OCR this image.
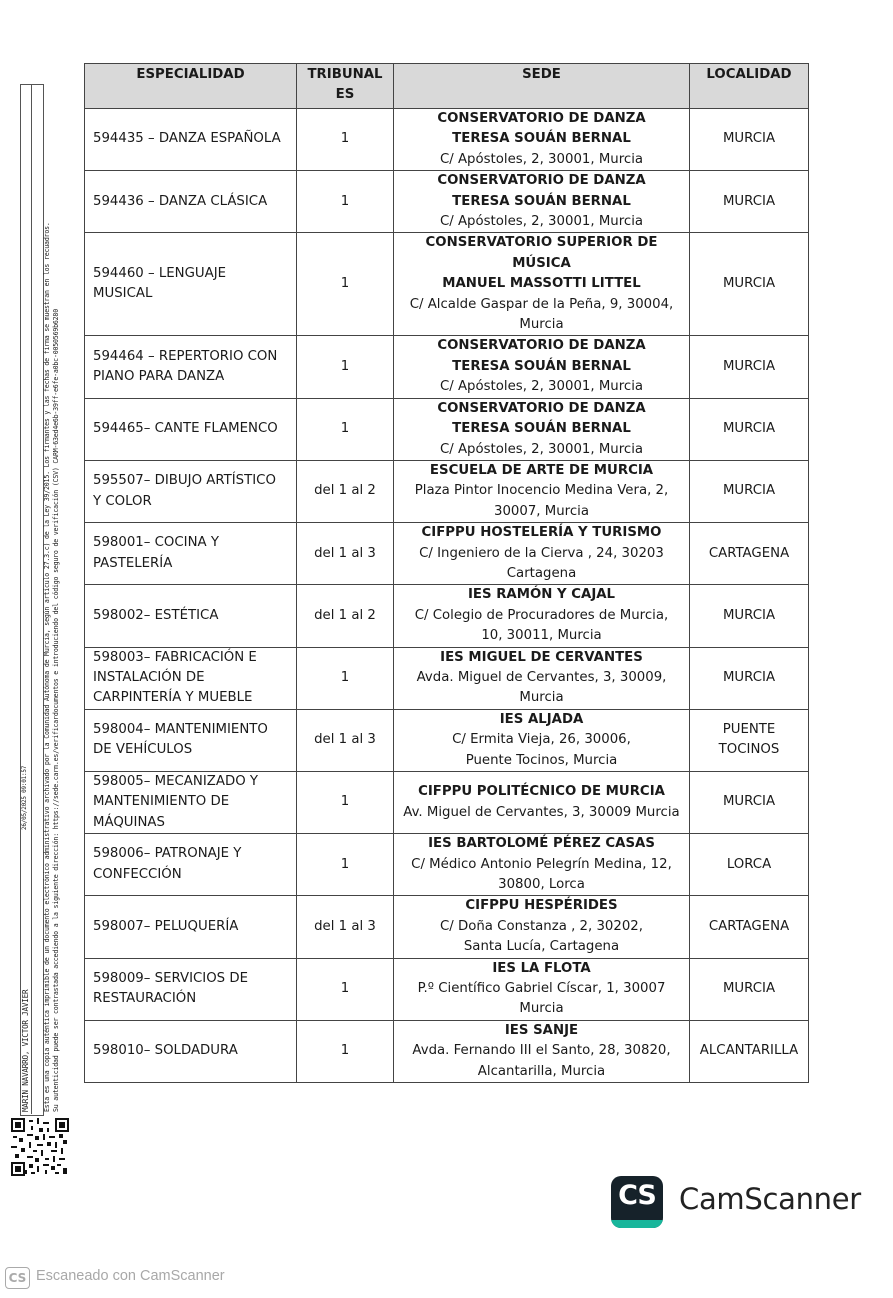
ESPECIALIDAD	TRIBUNAL
ES	SEDE	LOCALIDAD
594435 – DANZA ESPAÑOLA	1	CONSERVATORIO DE DANZA
TERESA SOUÁN BERNAL
C/ Apóstoles, 2, 30001, Murcia	MURCIA
594436 – DANZA CLÁSICA	1	CONSERVATORIO DE DANZA
TERESA SOUÁN BERNAL
C/ Apóstoles, 2, 30001, Murcia	MURCIA
594460 – LENGUAJE
MUSICAL	1	CONSERVATORIO SUPERIOR DE MÚSICA
MANUEL MASSOTTI LITTEL
C/ Alcalde Gaspar de la Peña, 9, 30004,
Murcia	MURCIA
594464 – REPERTORIO CON
PIANO PARA DANZA	1	CONSERVATORIO DE DANZA
TERESA SOUÁN BERNAL
C/ Apóstoles, 2, 30001, Murcia	MURCIA
594465– CANTE FLAMENCO	1	CONSERVATORIO DE DANZA
TERESA SOUÁN BERNAL
C/ Apóstoles, 2, 30001, Murcia	MURCIA
595507– DIBUJO ARTÍSTICO
Y COLOR	del 1 al 2	ESCUELA DE ARTE DE MURCIA
Plaza Pintor Inocencio Medina Vera, 2,
30007, Murcia	MURCIA
598001– COCINA Y
PASTELERÍA	del 1 al 3	CIFPPU HOSTELERÍA Y TURISMO
C/ Ingeniero de la Cierva , 24, 30203
Cartagena	CARTAGENA
598002– ESTÉTICA	del 1 al 2	IES RAMÓN Y CAJAL
C/ Colegio de Procuradores de Murcia,
10, 30011, Murcia	MURCIA
598003– FABRICACIÓN E
INSTALACIÓN DE
CARPINTERÍA Y MUEBLE	1	IES MIGUEL DE CERVANTES
Avda. Miguel de Cervantes, 3, 30009,
Murcia	MURCIA
598004– MANTENIMIENTO
DE VEHÍCULOS	del 1 al 3	IES ALJADA
C/ Ermita Vieja, 26, 30006,
Puente Tocinos, Murcia	PUENTE
TOCINOS
598005– MECANIZADO Y
MANTENIMIENTO DE
MÁQUINAS	1	CIFPPU POLITÉCNICO DE MURCIA
Av. Miguel de Cervantes, 3, 30009 Murcia	MURCIA
598006– PATRONAJE Y
CONFECCIÓN	1	IES BARTOLOMÉ PÉREZ CASAS
C/ Médico Antonio Pelegrín Medina, 12,
30800, Lorca	LORCA
598007– PELUQUERÍA	del 1 al 3	CIFPPU HESPÉRIDES
C/ Doña Constanza , 2, 30202,
Santa Lucía, Cartagena	CARTAGENA
598009– SERVICIOS DE
RESTAURACIÓN	1	IES LA FLOTA
P.º Científico Gabriel Císcar, 1, 30007
Murcia	MURCIA
598010– SOLDADURA	1	IES SANJE
Avda. Fernando III el Santo, 28, 30820,
Alcantarilla, Murcia	ALCANTARILLA
MARIN NAVARRO, VICTOR JAVIER
26/05/2025 09:01:57 Esta es una copia auténtica imprimible de un documento electrónico administrativo archivado por la Comunidad Autónoma de Murcia, según artículo 27.3.c) de la Ley 39/2015. Los firmantes y las fechas de firma se muestran en los recuadros. Su autenticidad puede ser contrastada accediendo a la siguiente dirección: https://sede.carm.es/verificardocumentos e introduciendo del código seguro de verificación (CSV) CARM-63ed4e6b-39ff-e6fe-a0bc-0050569b6280
CS CamScanner
CS Escaneado con CamScanner
